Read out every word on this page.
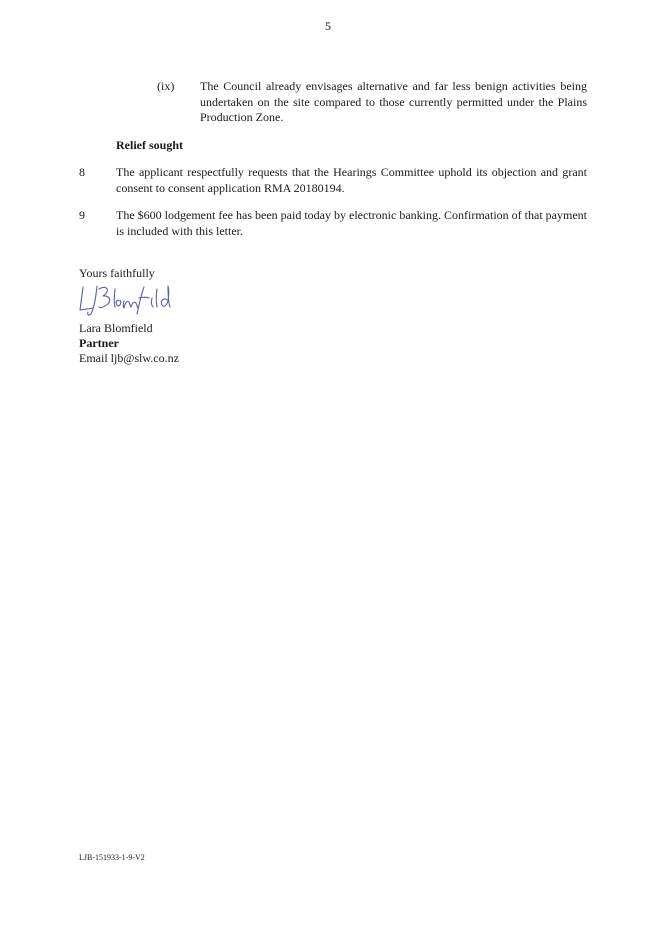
5
(ix) The Council already envisages alternative and far less benign activities being undertaken on the site compared to those currently permitted under the Plains Production Zone.
Relief sought
8	The applicant respectfully requests that the Hearings Committee uphold its objection and grant consent to consent application RMA 20180194.
9	The $600 lodgement fee has been paid today by electronic banking. Confirmation of that payment is included with this letter.
Yours faithfully
Lara Blomfield
Partner
Email ljb@slw.co.nz
LJB-151933-1-9-V2
